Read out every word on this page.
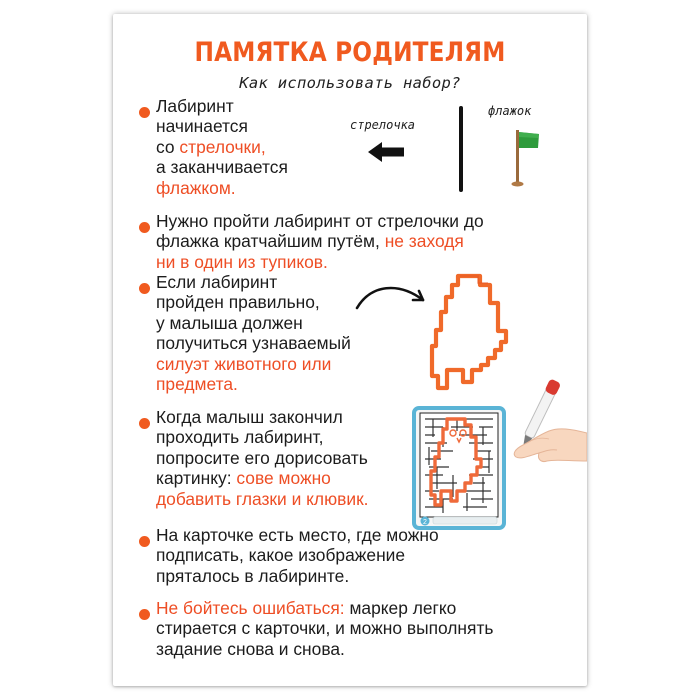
ПАМЯТКА РОДИТЕЛЯМ
Как использовать набор?
Лабиринт
начинается
со стрелочки,
а заканчивается
флажком.
стрелочка
флажок
Нужно пройти лабиринт от стрелочки до
флажка кратчайшим путём, не заходя
ни в один из тупиков.
Если лабиринт
пройден правильно,
у малыша должен
получиться узнаваемый
силуэт животного или
предмета.
Когда малыш закончил
проходить лабиринт,
попросите его дорисовать
картинку: сове можно
добавить глазки и клювик.
2
На карточке есть место, где можно
подписать, какое изображение
пряталось в лабиринте.
Не бойтесь ошибаться: маркер легко
стирается с карточки, и можно выполнять
задание снова и снова.
